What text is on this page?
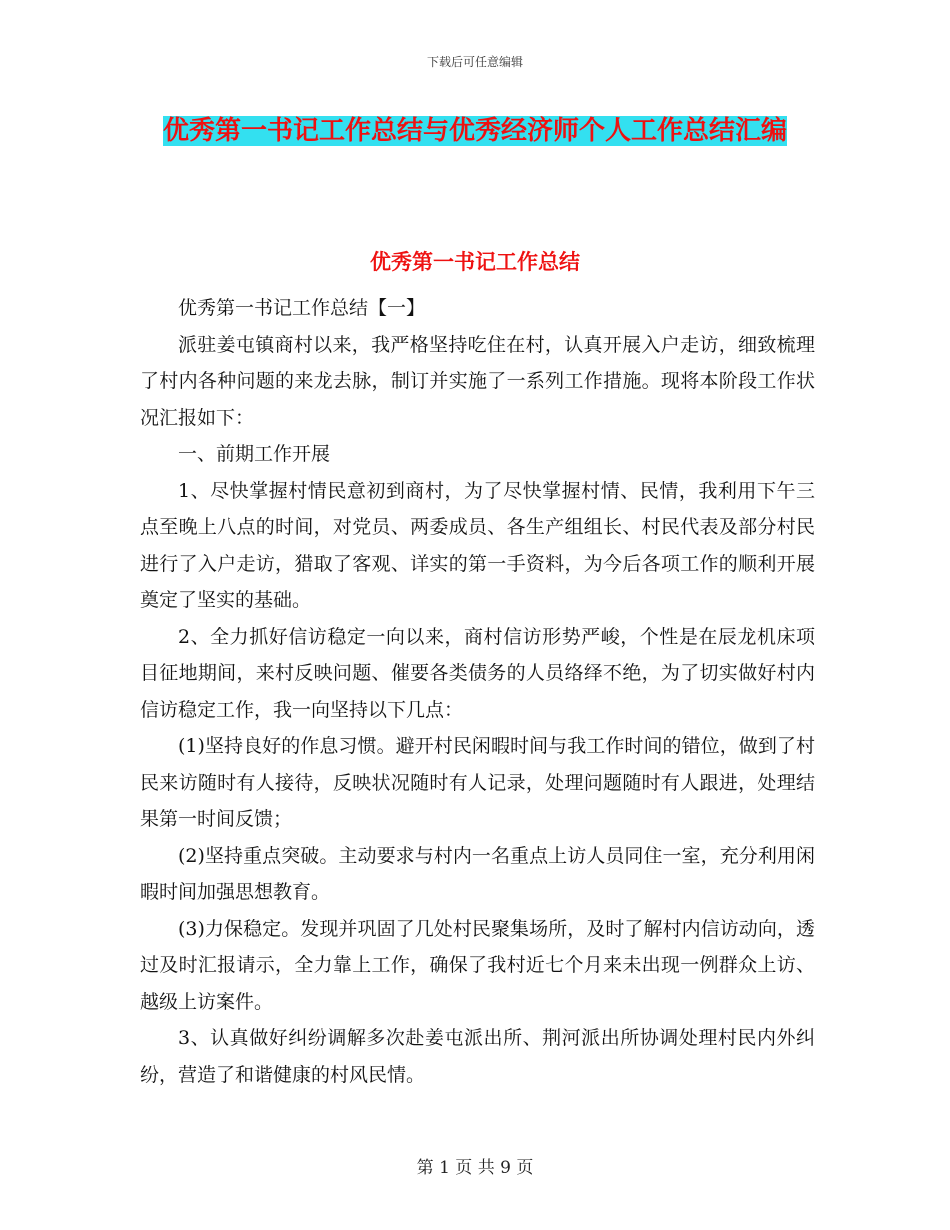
下载后可任意编辑
优秀第一书记工作总结与优秀经济师个人工作总结汇编
优秀第一书记工作总结

优秀第一书记工作总结【一】

派驻姜屯镇商村以来，我严格坚持吃住在村，认真开展入户走访，细致梳理了村内各种问题的来龙去脉，制订并实施了一系列工作措施。现将本阶段工作状况汇报如下：

一、前期工作开展

1、尽快掌握村情民意初到商村，为了尽快掌握村情、民情，我利用下午三点至晚上八点的时间，对党员、两委成员、各生产组组长、村民代表及部分村民进行了入户走访，猎取了客观、详实的第一手资料，为今后各项工作的顺利开展奠定了坚实的基础。

2、全力抓好信访稳定一向以来，商村信访形势严峻，个性是在辰龙机床项目征地期间，来村反映问题、催要各类债务的人员络绎不绝，为了切实做好村内信访稳定工作，我一向坚持以下几点：

(1)坚持良好的作息习惯。避开村民闲暇时间与我工作时间的错位，做到了村民来访随时有人接待，反映状况随时有人记录，处理问题随时有人跟进，处理结果第一时间反馈；

(2)坚持重点突破。主动要求与村内一名重点上访人员同住一室，充分利用闲暇时间加强思想教育。

(3)力保稳定。发现并巩固了几处村民聚集场所，及时了解村内信访动向，透过及时汇报请示，全力靠上工作，确保了我村近七个月来未出现一例群众上访、越级上访案件。

3、认真做好纠纷调解多次赴姜屯派出所、荆河派出所协调处理村民内外纠纷，营造了和谐健康的村风民情。

第 1 页 共 9 页
